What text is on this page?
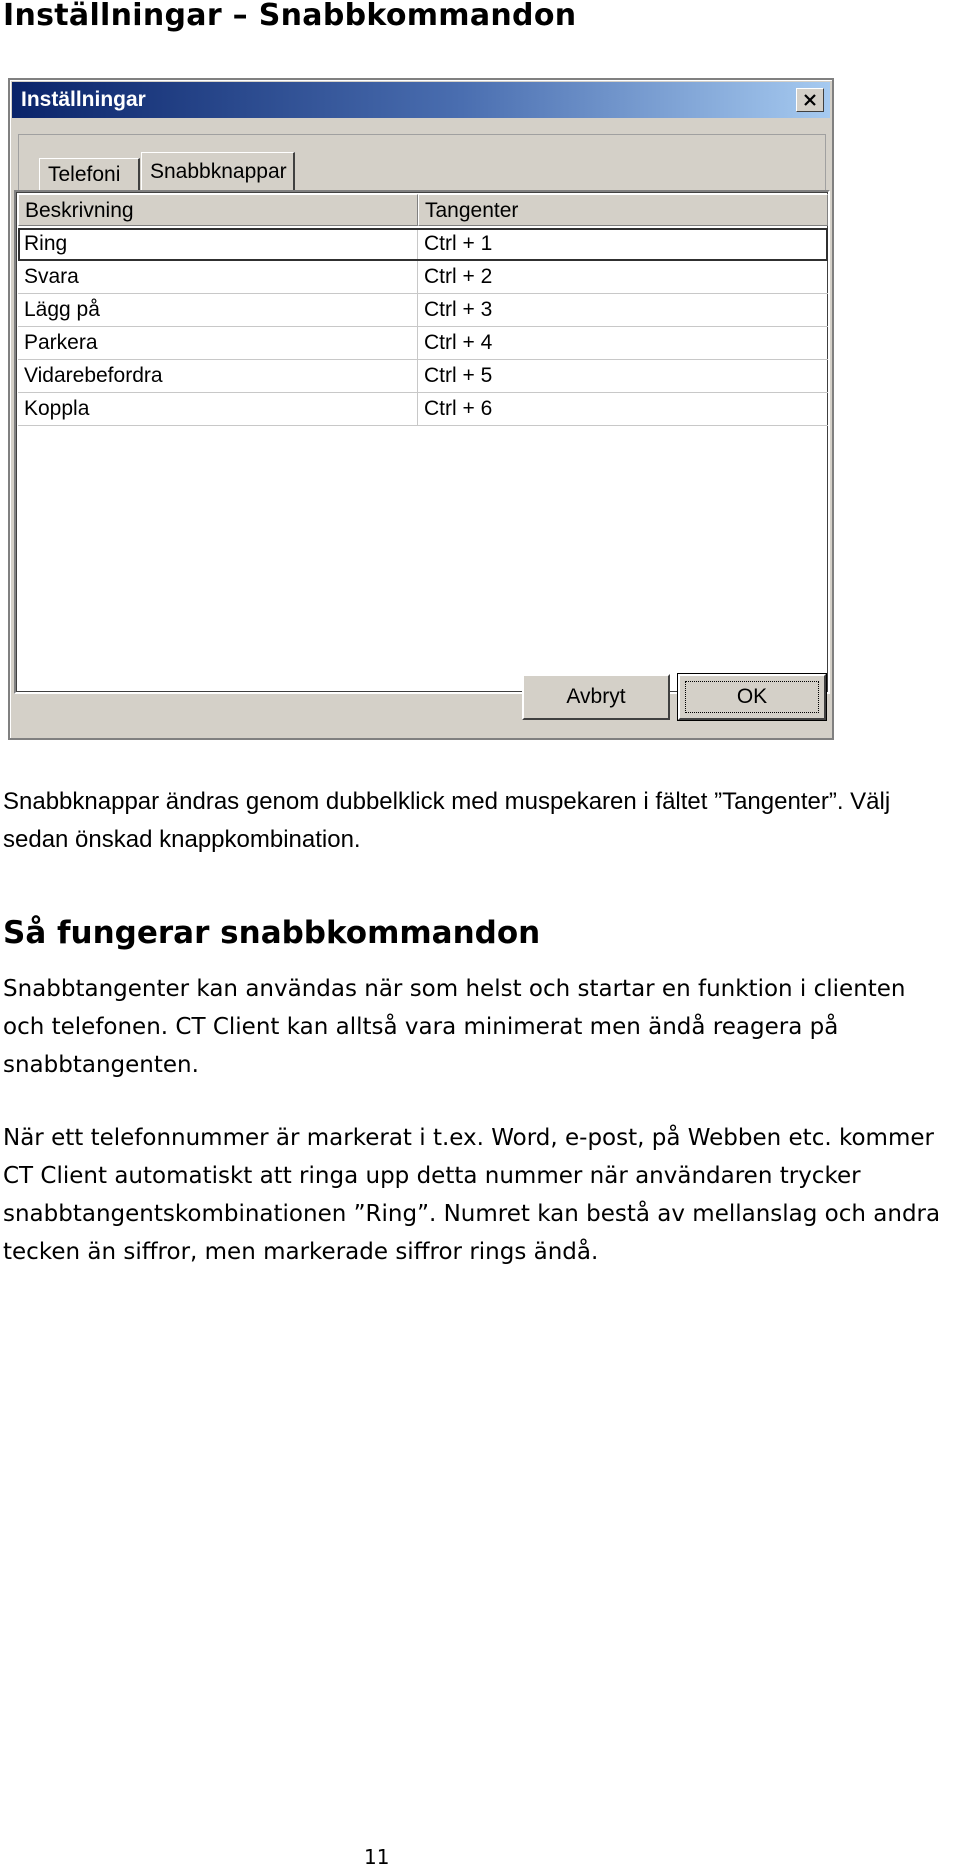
Inställningar – Snabbkommandon
Inställningar
Telefoni	Snabbknappar
Beskrivning	Tangenter
Ring	Ctrl + 1
Svara	Ctrl + 2
Lägg på	Ctrl + 3
Parkera	Ctrl + 4
Vidarebefordra	Ctrl + 5
Koppla	Ctrl + 6
Avbryt	OK

Snabbknappar ändras genom dubbelklick med muspekaren i fältet ”Tangenter”. Välj sedan önskad knappkombination.

Så fungerar snabbkommandon

Snabbtangenter kan användas när som helst och startar en funktion i clienten och telefonen. CT Client kan alltså vara minimerat men ändå reagera på snabbtangenten.

När ett telefonnummer är markerat i t.ex. Word, e-post, på Webben etc. kommer CT Client automatiskt att ringa upp detta nummer när användaren trycker snabbtangentskombinationen ”Ring”. Numret kan bestå av mellanslag och andra tecken än siffror, men markerade siffror rings ändå.

11
